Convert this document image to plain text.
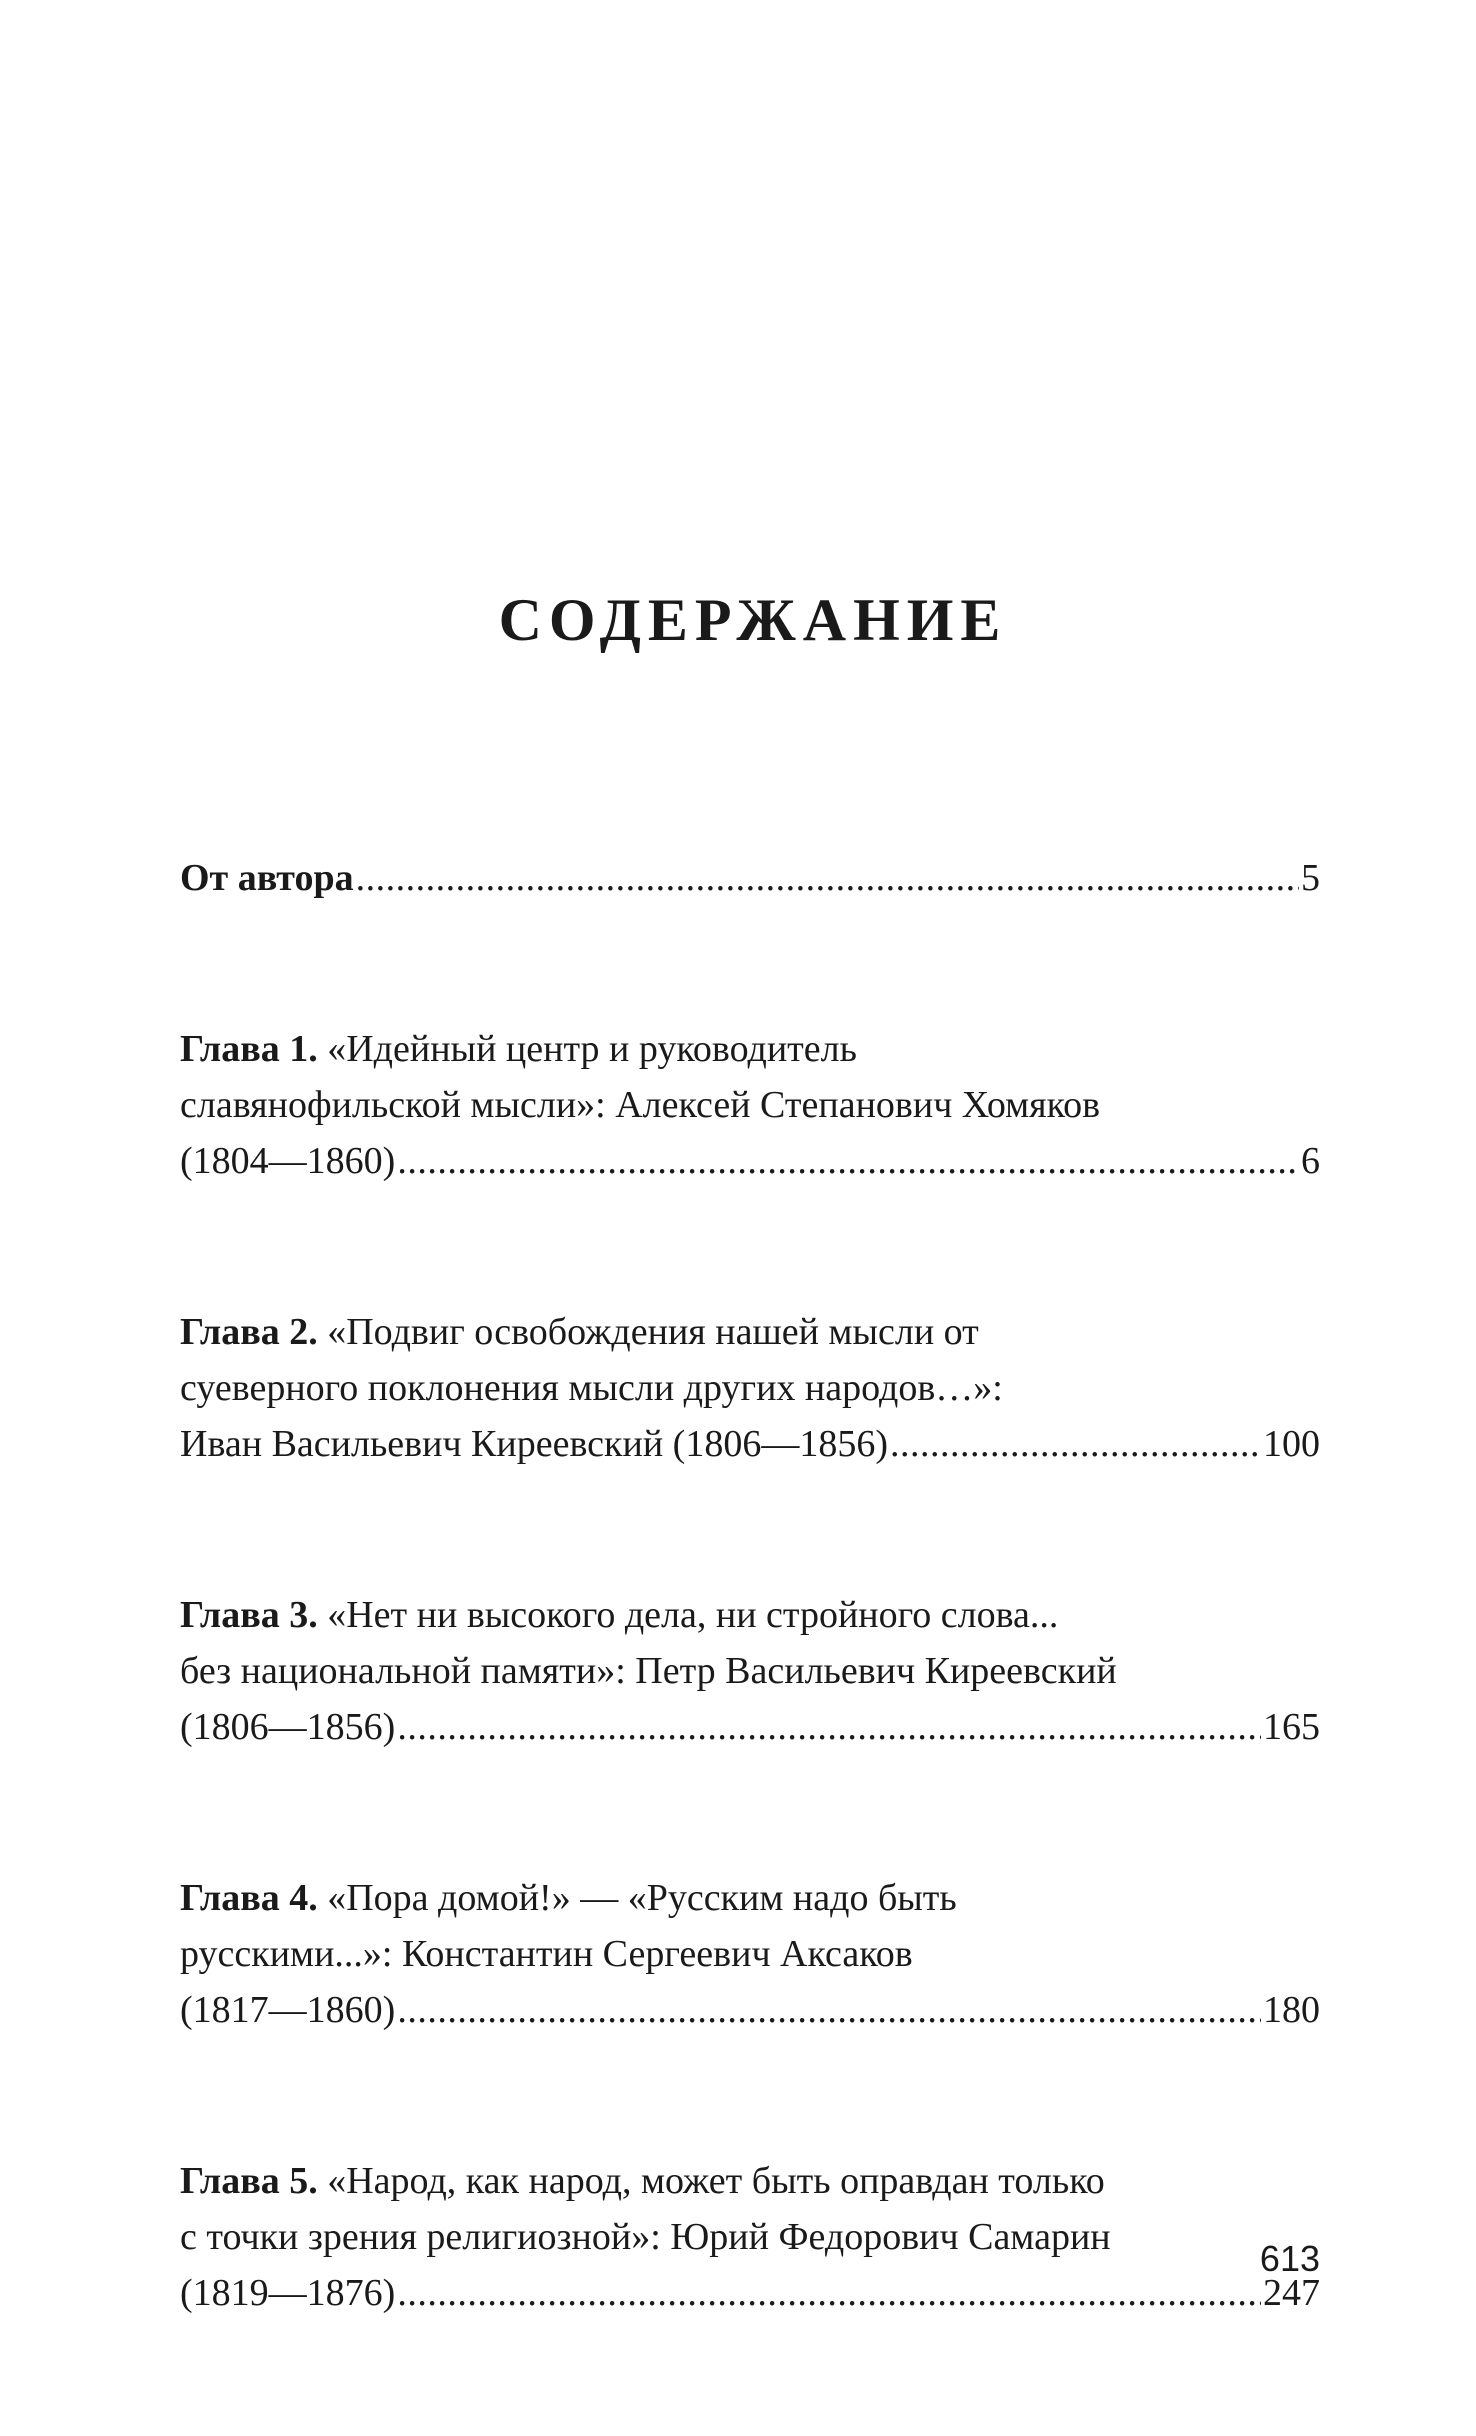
СОДЕРЖАНИЕ
От автора .....	5
Глава 1. «Идейный центр и руководитель
славянофильской мысли»: Алексей Степанович Хомяков
(1804—1860) .....	6
Глава 2. «Подвиг освобождения нашей мысли от
суеверного поклонения мысли других народов…»:
Иван Васильевич Киреевский (1806—1856) .....	100
Глава 3. «Нет ни высокого дела, ни стройного слова...
без национальной памяти»: Петр Васильевич Киреевский
(1806—1856) .....	165
Глава 4. «Пора домой!» — «Русским надо быть
русскими...»: Константин Сергеевич Аксаков
(1817—1860) .....	180
Глава 5. «Народ, как народ, может быть оправдан только
с точки зрения религиозной»: Юрий Федорович Самарин
(1819—1876) .....	247
613
